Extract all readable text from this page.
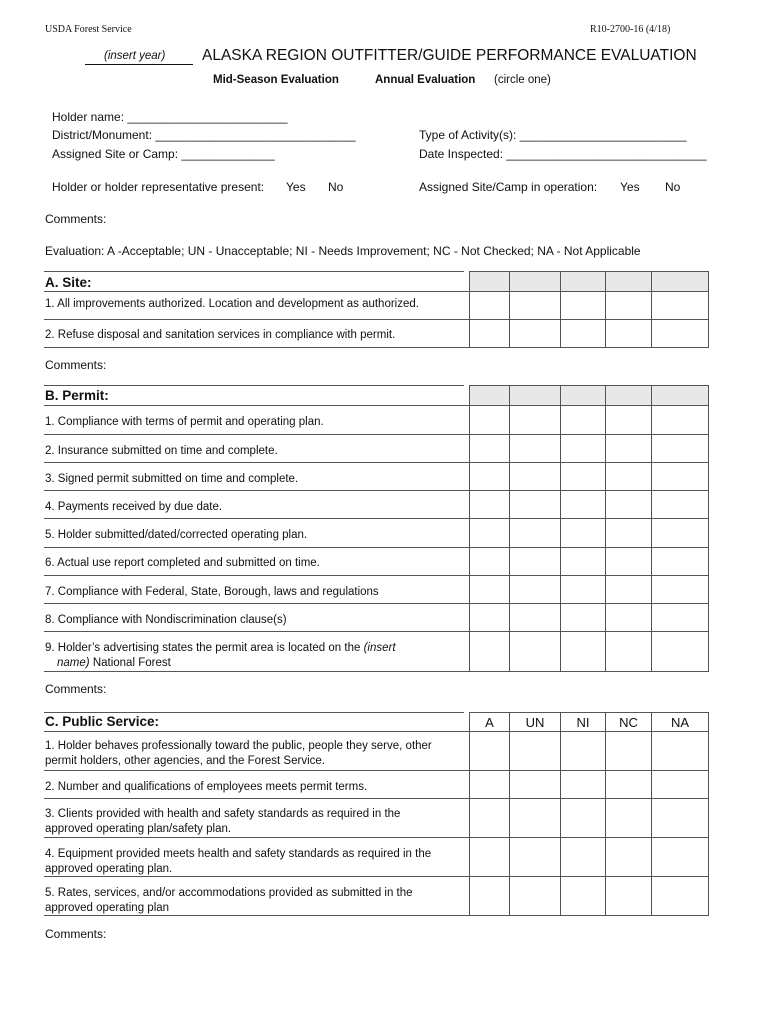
USDA Forest Service	R10-2700-16 (4/18)
(insert year) ALASKA REGION OUTFITTER/GUIDE PERFORMANCE EVALUATION
Mid-Season Evaluation	Annual Evaluation (circle one)
Holder name: ________________________
District/Monument: ______________________________
Assigned Site or Camp: ______________
Type of Activity(s): _________________________
Date Inspected: ______________________________
Holder or holder representative present: Yes No	Assigned Site/Camp in operation: Yes No
Comments:
Evaluation: A -Acceptable; UN - Unacceptable; NI - Needs Improvement; NC - Not Checked; NA - Not Applicable
A. Site:
1. All improvements authorized. Location and development as authorized.
2. Refuse disposal and sanitation services in compliance with permit.
Comments:
B. Permit:
1. Compliance with terms of permit and operating plan.
2. Insurance submitted on time and complete.
3. Signed permit submitted on time and complete.
4. Payments received by due date.
5. Holder submitted/dated/corrected operating plan.
6. Actual use report completed and submitted on time.
7. Compliance with Federal, State, Borough, laws and regulations
8. Compliance with Nondiscrimination clause(s)
9. Holder’s advertising states the permit area is located on the (insert
name) National Forest
Comments:
C. Public Service:	A	UN	NI	NC	NA
1. Holder behaves professionally toward the public, people they serve, other permit holders, other agencies, and the Forest Service.
2. Number and qualifications of employees meets permit terms.
3. Clients provided with health and safety standards as required in the approved operating plan/safety plan.
4. Equipment provided meets health and safety standards as required in the approved operating plan.
5. Rates, services, and/or accommodations provided as submitted in the approved operating plan
Comments:
